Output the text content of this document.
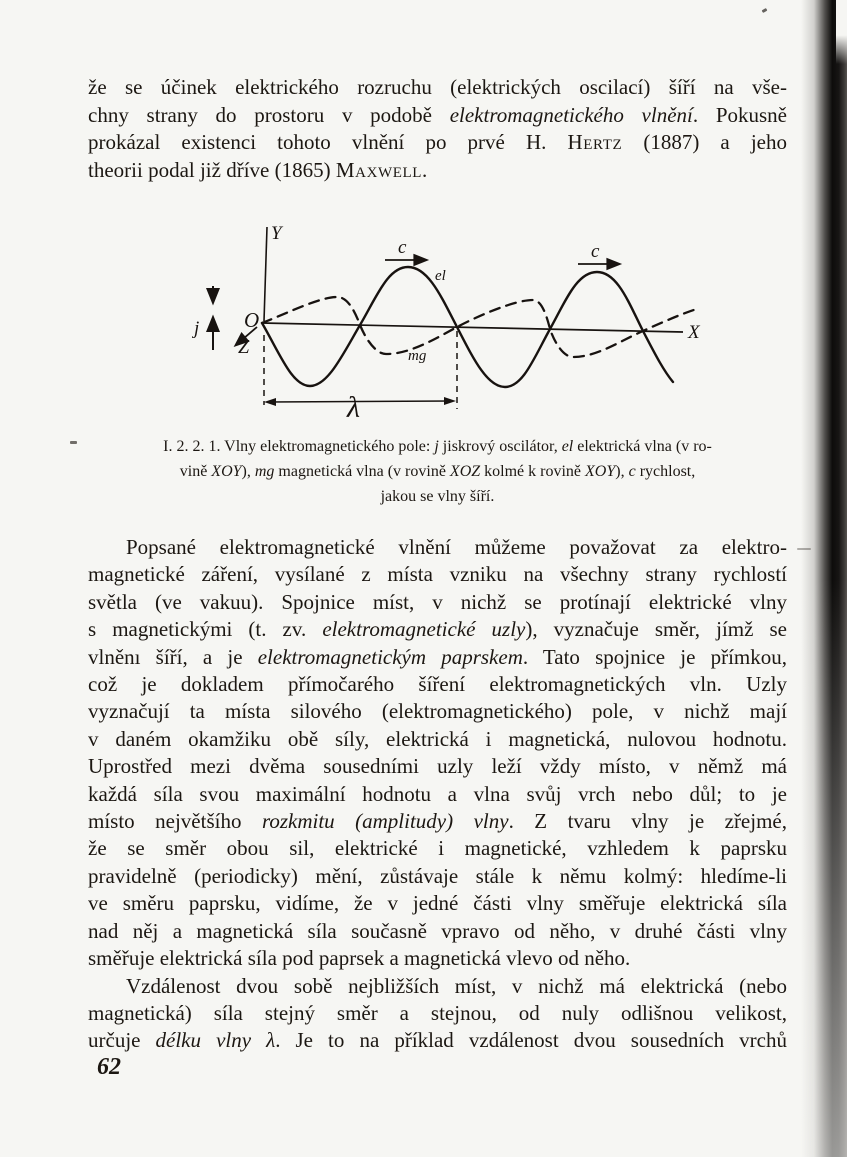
že se účinek elektrického rozruchu (elektrických oscilací) šíří na vše-
chny strany do prostoru v podobě elektromagnetického vlnění. Pokusně
prokázal existenci tohoto vlnění po prvé H. Hertz (1887) a jeho
theorii podal již dříve (1865) Maxwell.
Y
X
Z
O
j
el
mg
c	c
λ
I. 2. 2. 1. Vlny elektromagnetického pole: j jiskrový oscilátor, el elektrická vlna (v ro-
vině XOY), mg magnetická vlna (v rovině XOZ kolmé k rovině XOY), c rychlost,
jakou se vlny šíří.
Popsané elektromagnetické vlnění můžeme považovat za elektro-
magnetické záření, vysílané z místa vzniku na všechny strany rychlostí
světla (ve vakuu). Spojnice míst, v nichž se protínají elektrické vlny
s magnetickými (t. zv. elektromagnetické uzly), vyznačuje směr, jímž se
vlněnı šíří, a je elektromagnetickým paprskem. Tato spojnice je přímkou,
což je dokladem přímočarého šíření elektromagnetických vln. Uzly
vyznačují ta místa silového (elektromagnetického) pole, v nichž mají
v daném okamžiku obě síly, elektrická i magnetická, nulovou hodnotu.
Uprostřed mezi dvěma sousedními uzly leží vždy místo, v němž má
každá síla svou maximální hodnotu a vlna svůj vrch nebo důl; to je
místo největšího rozkmitu (amplitudy) vlny. Z tvaru vlny je zřejmé,
že se směr obou sil, elektrické i magnetické, vzhledem k paprsku
pravidelně (periodicky) mění, zůstávaje stále k němu kolmý: hledíme-li
ve směru paprsku, vidíme, že v jedné části vlny směřuje elektrická síla
nad něj a magnetická síla současně vpravo od něho, v druhé části vlny
směřuje elektrická síla pod paprsek a magnetická vlevo od něho.
Vzdálenost dvou sobě nejbližších míst, v nichž má elektrická (nebo
magnetická) síla stejný směr a stejnou, od nuly odlišnou velikost,
určuje délku vlny λ. Je to na příklad vzdálenost dvou sousedních vrchů
62
